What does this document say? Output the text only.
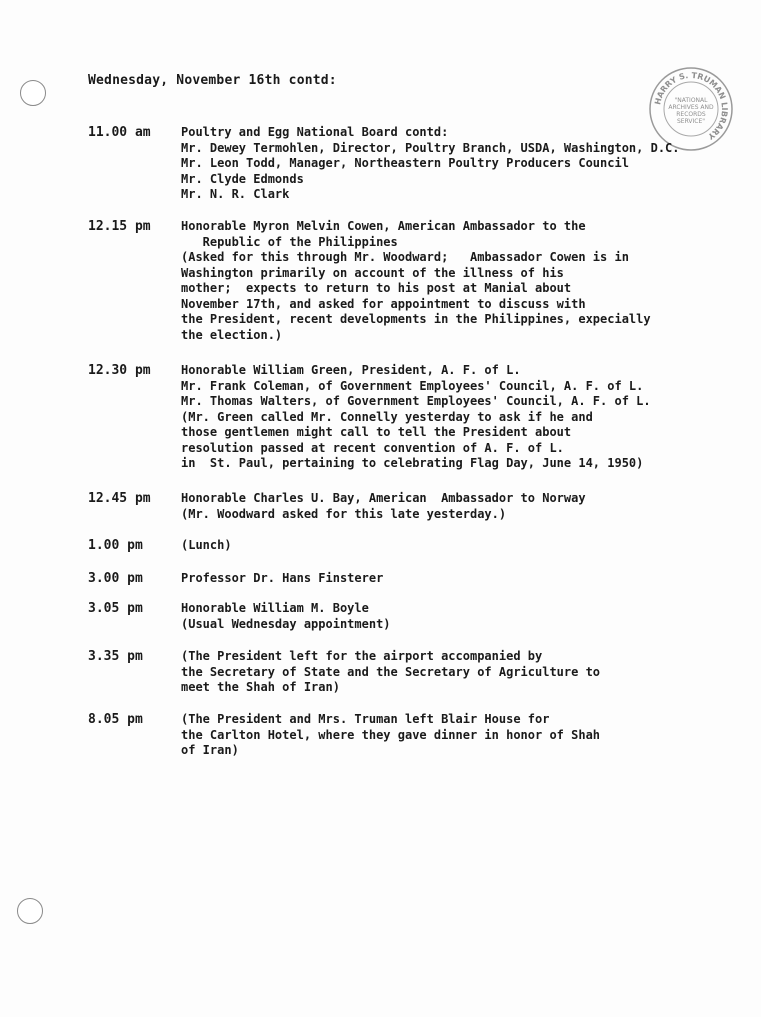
Wednesday, November 16th contd:
HARRY S. TRUMAN LIBRARY
"NATIONAL
ARCHIVES AND
RECORDS
SERVICE"
11.00 am	Poultry and Egg National Board contd:
Mr. Dewey Termohlen, Director, Poultry Branch, USDA, Washington, D.C.
Mr. Leon Todd, Manager, Northeastern Poultry Producers Council
Mr. Clyde Edmonds
Mr. N. R. Clark
12.15 pm	Honorable Myron Melvin Cowen, American Ambassador to the
Republic of the Philippines
(Asked for this through Mr. Woodward;   Ambassador Cowen is in
Washington primarily on account of the illness of his
mother;  expects to return to his post at Manial about
November 17th, and asked for appointment to discuss with
the President, recent developments in the Philippines, expecially
the election.)
12.30 pm	Honorable William Green, President, A. F. of L.
Mr. Frank Coleman, of Government Employees' Council, A. F. of L.
Mr. Thomas Walters, of Government Employees' Council, A. F. of L.
(Mr. Green called Mr. Connelly yesterday to ask if he and
those gentlemen might call to tell the President about
resolution passed at recent convention of A. F. of L.
in  St. Paul, pertaining to celebrating Flag Day, June 14, 1950)
12.45 pm	Honorable Charles U. Bay, American  Ambassador to Norway
(Mr. Woodward asked for this late yesterday.)
1.00 pm	(Lunch)
3.00 pm	Professor Dr. Hans Finsterer
3.05 pm	Honorable William M. Boyle
(Usual Wednesday appointment)
3.35 pm	(The President left for the airport accompanied by
the Secretary of State and the Secretary of Agriculture to
meet the Shah of Iran)
8.05 pm	(The President and Mrs. Truman left Blair House for
the Carlton Hotel, where they gave dinner in honor of Shah
of Iran)
